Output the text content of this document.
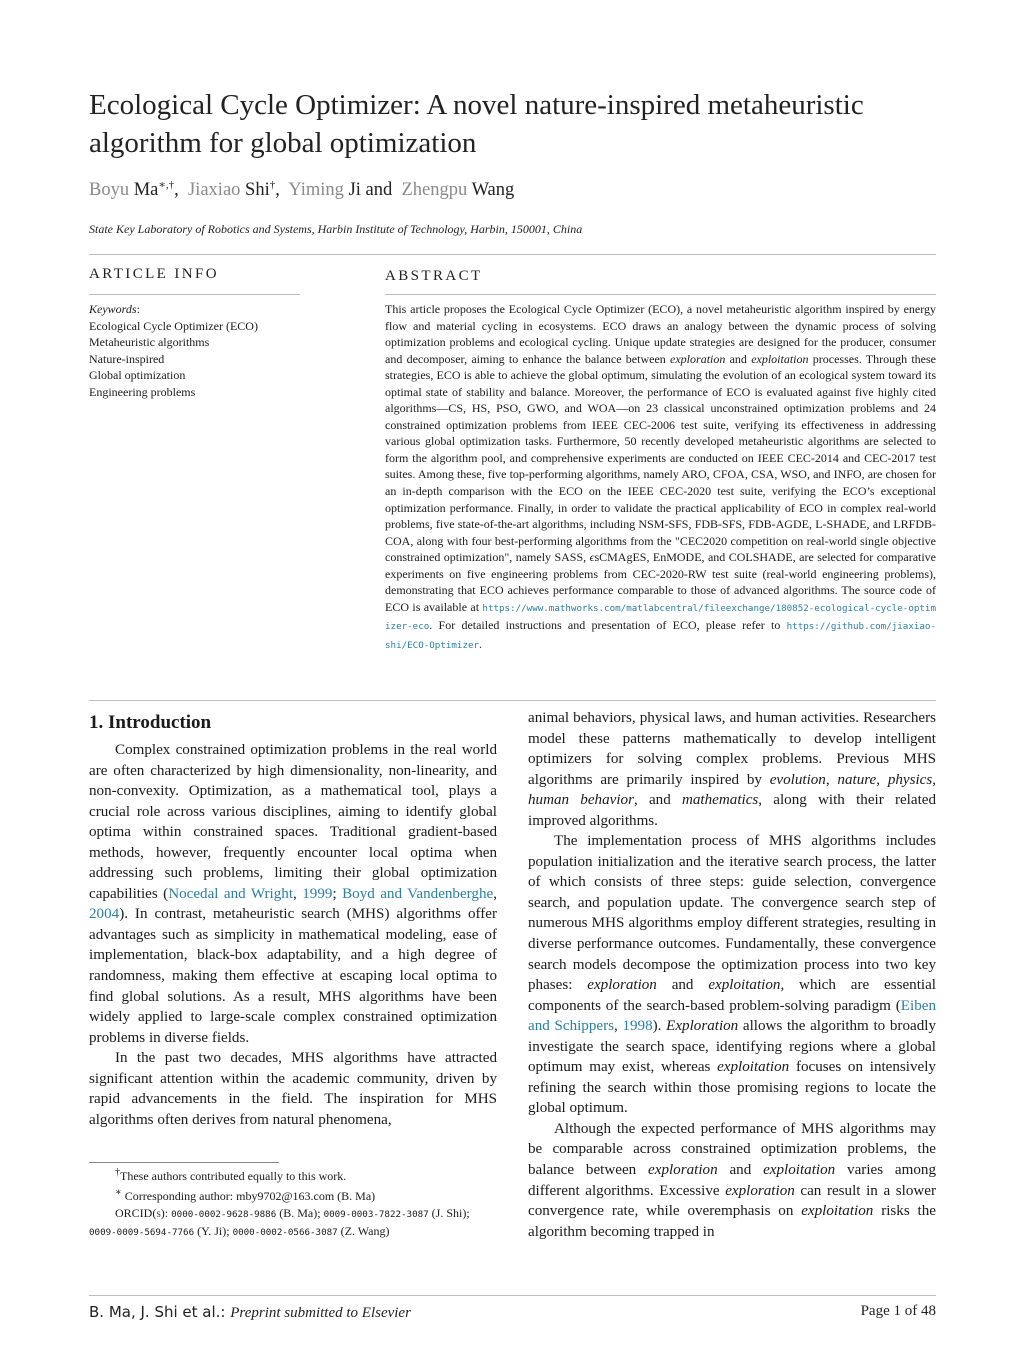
Ecological Cycle Optimizer: A novel nature-inspired metaheuristic
algorithm for global optimization
Boyu Ma∗,†, Jiaxiao Shi†, Yiming Ji and Zhengpu Wang
State Key Laboratory of Robotics and Systems, Harbin Institute of Technology, Harbin, 150001, China
ARTICLE INFO
Keywords:
Ecological Cycle Optimizer (ECO)
Metaheuristic algorithms
Nature-inspired
Global optimization
Engineering problems
ABSTRACT
This article proposes the Ecological Cycle Optimizer (ECO), a novel metaheuristic algorithm inspired by energy flow and material cycling in ecosystems. ECO draws an analogy between the dynamic process of solving optimization problems and ecological cycling. Unique update strategies are designed for the producer, consumer and decomposer, aiming to enhance the balance between exploration and exploitation processes. Through these strategies, ECO is able to achieve the global optimum, simulating the evolution of an ecological system toward its optimal state of stability and balance. Moreover, the performance of ECO is evaluated against five highly cited algorithms—CS, HS, PSO, GWO, and WOA—on 23 classical unconstrained optimization problems and 24 constrained optimization problems from IEEE CEC-2006 test suite, verifying its effectiveness in addressing various global optimization tasks. Furthermore, 50 recently developed metaheuristic algorithms are selected to form the algorithm pool, and comprehensive experiments are conducted on IEEE CEC-2014 and CEC-2017 test suites. Among these, five top-performing algorithms, namely ARO, CFOA, CSA, WSO, and INFO, are chosen for an in-depth comparison with the ECO on the IEEE CEC-2020 test suite, verifying the ECO’s exceptional optimization performance. Finally, in order to validate the practical applicability of ECO in complex real-world problems, five state-of-the-art algorithms, including NSM-SFS, FDB-SFS, FDB-AGDE, L-SHADE, and LRFDB-COA, along with four best-performing algorithms from the "CEC2020 competition on real-world single objective constrained optimization", namely SASS, ϵsCMAgES, EnMODE, and COLSHADE, are selected for comparative experiments on five engineering problems from CEC-2020-RW test suite (real-world engineering problems), demonstrating that ECO achieves performance comparable to those of advanced algorithms. The source code of ECO is available at https://www.mathworks.com/matlabcentral/fileexchange/180852-ecological-cycle-optimizer-eco. For detailed instructions and presentation of ECO, please refer to https://github.com/jiaxiao-shi/ECO-Optimizer.
1. Introduction

Complex constrained optimization problems in the real world are often characterized by high dimensionality, non-linearity, and non-convexity. Optimization, as a mathematical tool, plays a crucial role across various disciplines, aiming to identify global optima within constrained spaces. Traditional gradient-based methods, however, frequently encounter local optima when addressing such problems, limiting their global optimization capabilities (Nocedal and Wright, 1999; Boyd and Vandenberghe, 2004). In contrast, metaheuristic search (MHS) algorithms offer advantages such as simplicity in mathematical modeling, ease of implementation, black-box adaptability, and a high degree of randomness, making them effective at escaping local optima to find global solutions. As a result, MHS algorithms have been widely applied to large-scale complex constrained optimization problems in diverse fields.

In the past two decades, MHS algorithms have attracted significant attention within the academic community, driven by rapid advancements in the field. The inspiration for MHS algorithms often derives from natural phenomena,

†These authors contributed equally to this work.

∗ Corresponding author: mby9702@163.com (B. Ma)

ORCID(s): 0000-0002-9628-9886 (B. Ma); 0009-0003-7822-3087 (J. Shi); 0009-0009-5694-7766 (Y. Ji); 0000-0002-0566-3087 (Z. Wang)

animal behaviors, physical laws, and human activities. Researchers model these patterns mathematically to develop intelligent optimizers for solving complex problems. Previous MHS algorithms are primarily inspired by evolution, nature, physics, human behavior, and mathematics, along with their related improved algorithms.

The implementation process of MHS algorithms includes population initialization and the iterative search process, the latter of which consists of three steps: guide selection, convergence search, and population update. The convergence search step of numerous MHS algorithms employ different strategies, resulting in diverse performance outcomes. Fundamentally, these convergence search models decompose the optimization process into two key phases: exploration and exploitation, which are essential components of the search-based problem-solving paradigm (Eiben and Schippers, 1998). Exploration allows the algorithm to broadly investigate the search space, identifying regions where a global optimum may exist, whereas exploitation focuses on intensively refining the search within those promising regions to locate the global optimum.

Although the expected performance of MHS algorithms may be comparable across constrained optimization problems, the balance between exploration and exploitation varies among different algorithms. Excessive exploration can result in a slower convergence rate, while overemphasis on exploitation risks the algorithm becoming trapped in

B. Ma, J. Shi et al.: Preprint submitted to Elsevier	Page 1 of 48
